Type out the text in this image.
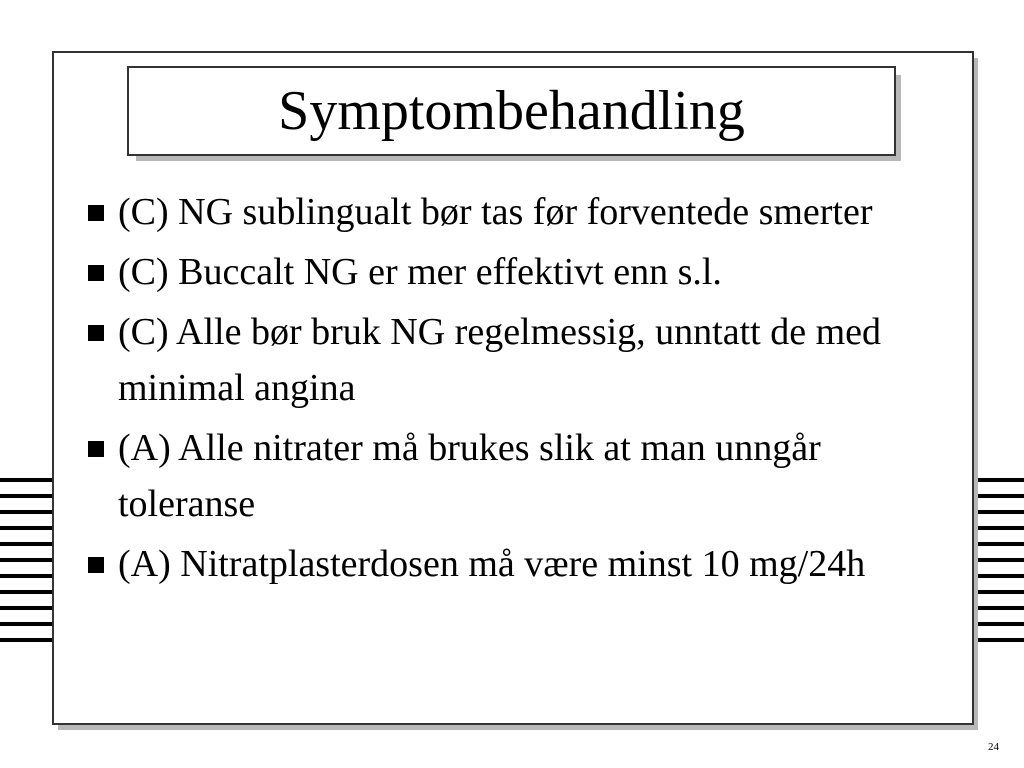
Symptombehandling
(C) NG sublingualt bør tas før forventede smerter
(C) Buccalt NG er mer effektivt enn s.l.
(C) Alle bør bruk NG regelmessig, unntatt de med minimal angina
(A) Alle nitrater må brukes slik at man unngår toleranse
(A) Nitratplasterdosen må være minst 10 mg/24h
24
